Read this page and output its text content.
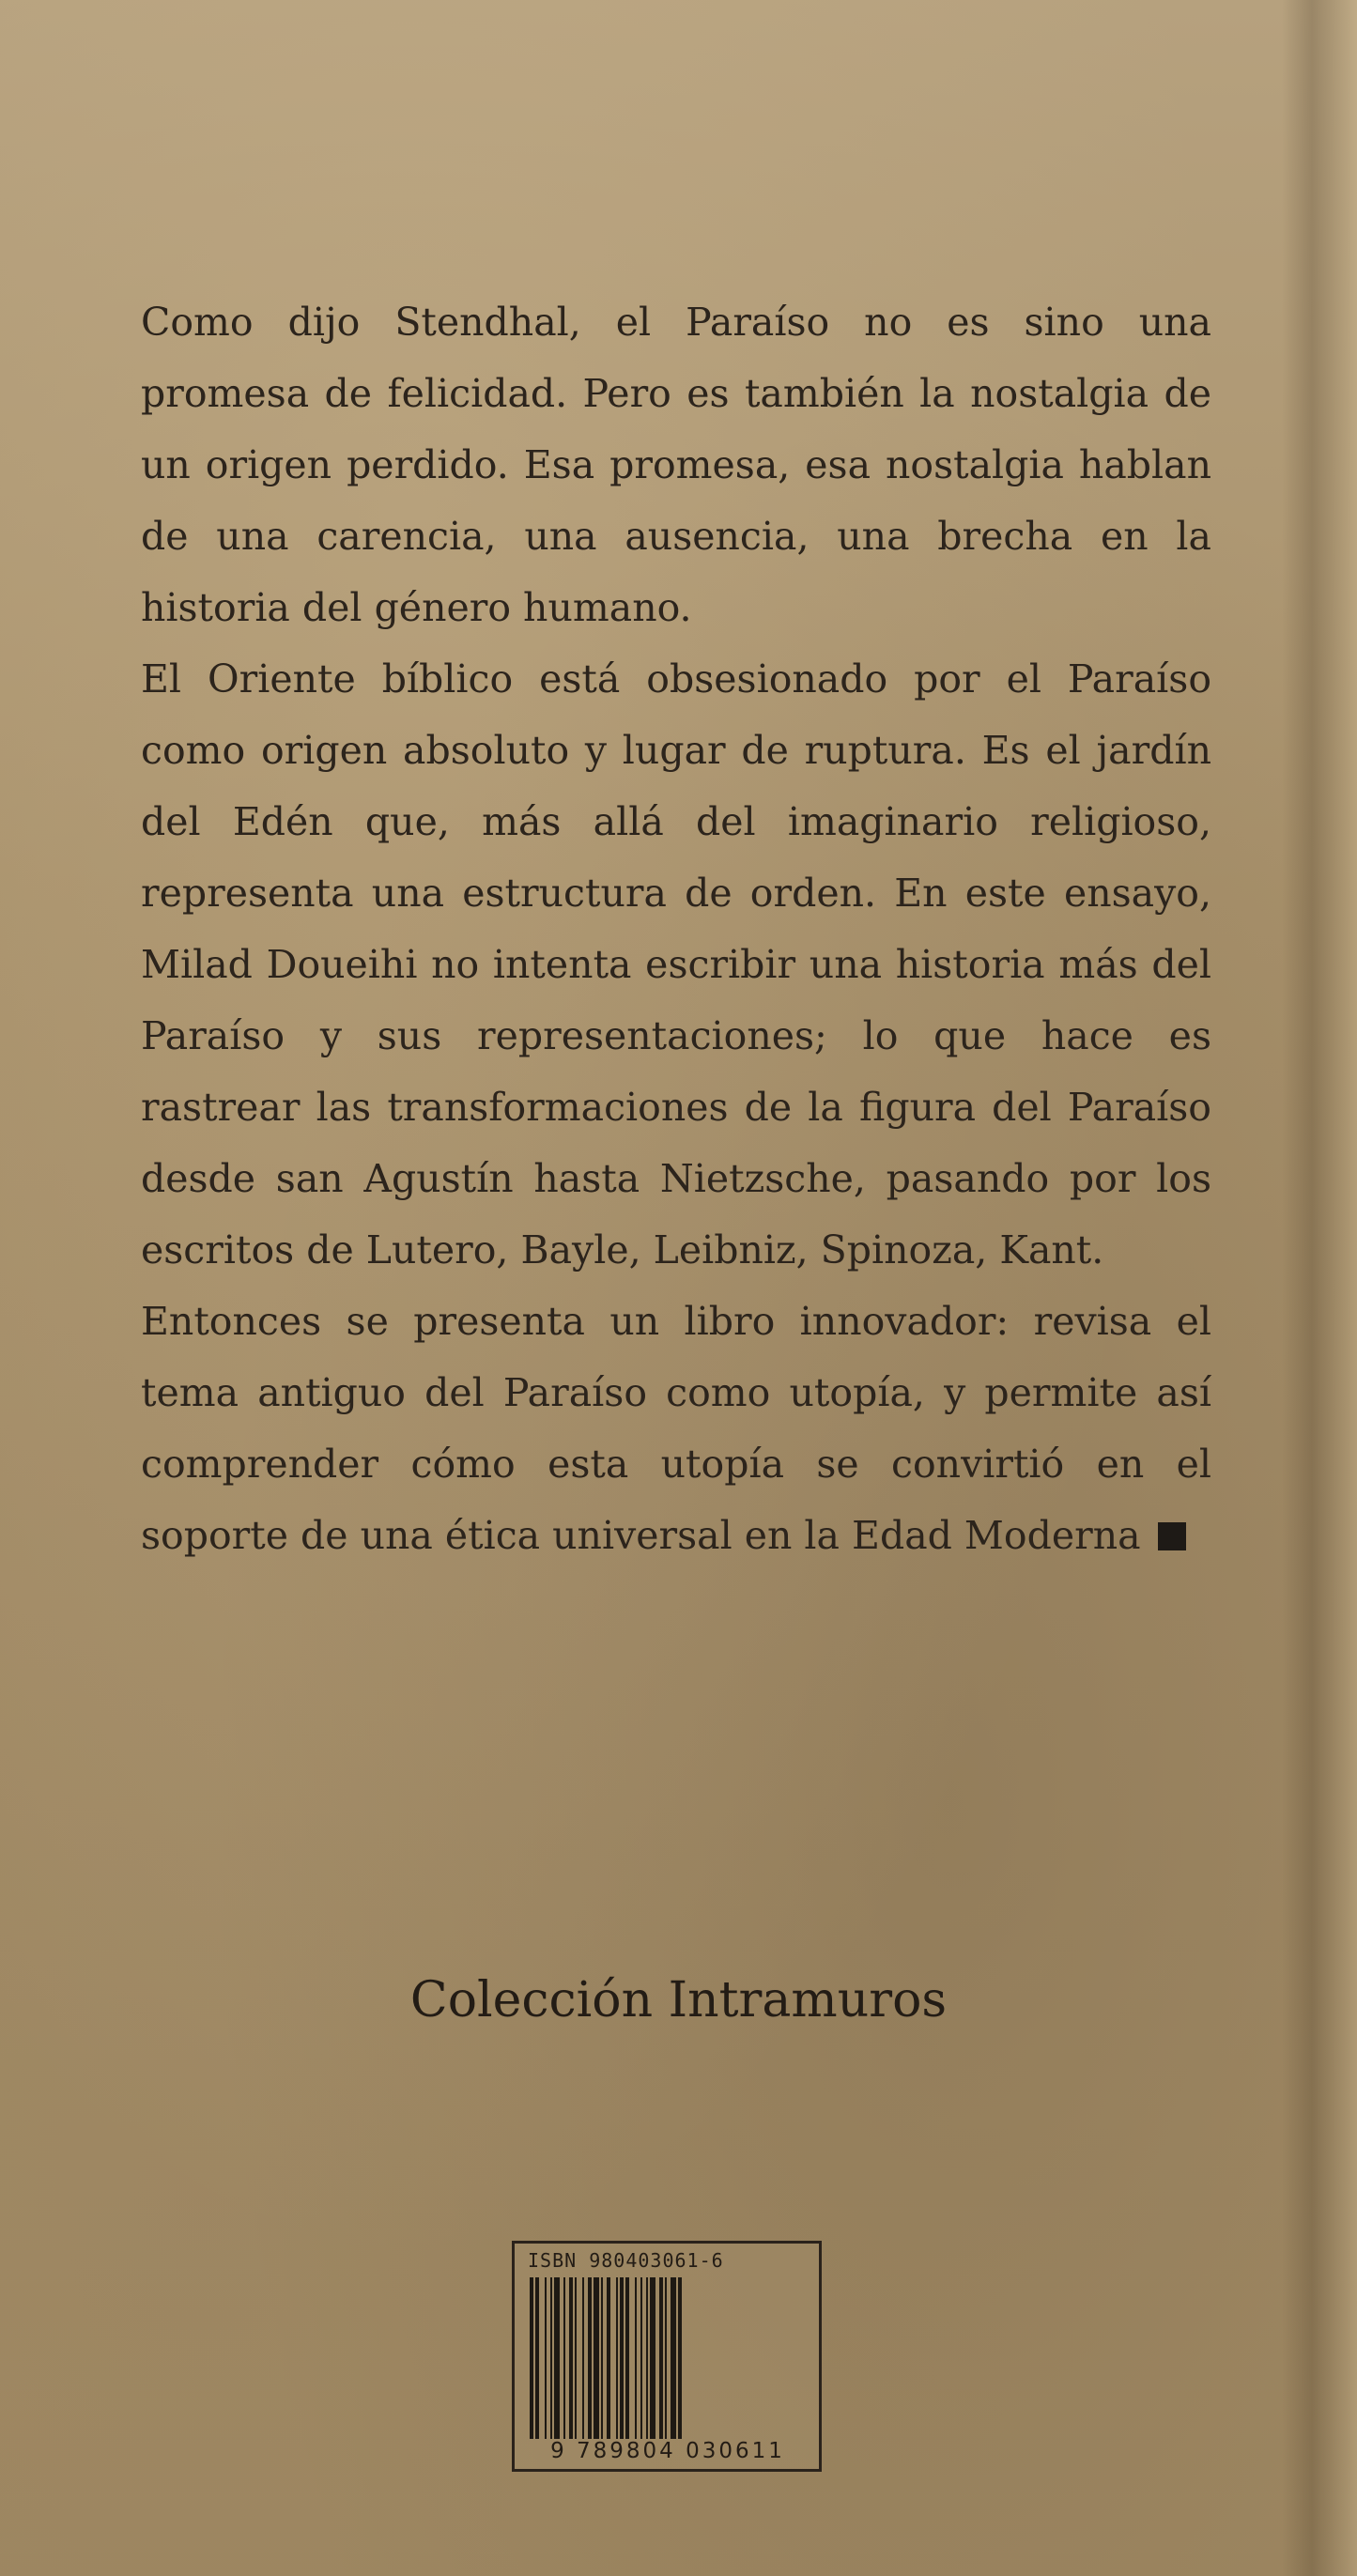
Como dijo Stendhal, el Paraíso no es sino una promesa de felicidad. Pero es también la nostalgia de un origen perdido. Esa promesa, esa nostalgia hablan de una carencia, una ausencia, una brecha en la historia del género humano.

El Oriente bíblico está obsesionado por el Paraíso como origen absoluto y lugar de ruptura. Es el jardín del Edén que, más allá del imaginario religioso, representa una estructura de orden. En este ensayo, Milad Doueihi no intenta escribir una historia más del Paraíso y sus representaciones; lo que hace es rastrear las transformaciones de la figura del Paraíso desde san Agustín hasta Nietzsche, pasando por los escritos de Lutero, Bayle, Leibniz, Spinoza, Kant.

Entonces se presenta un libro innovador: revisa el tema antiguo del Paraíso como utopía, y permite así comprender cómo esta utopía se convirtió en el soporte de una ética universal en la Edad Moderna

Colección Intramuros
ISBN 980403061-6
9 789804 030611
